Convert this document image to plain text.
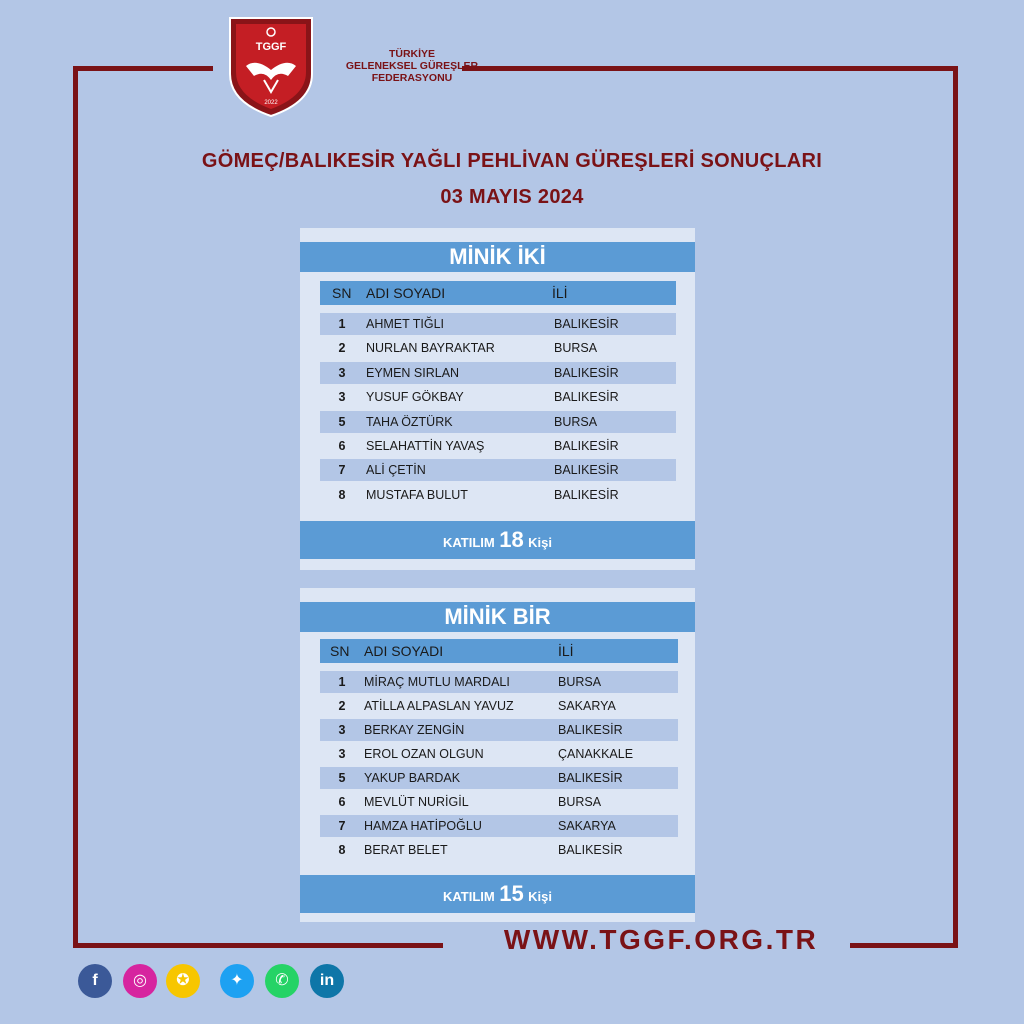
TGGF
2022
TÜRKİYE
GELENEKSEL GÜREŞLER
FEDERASYONU
GÖMEÇ/BALIKESİR YAĞLI PEHLİVAN GÜREŞLERİ SONUÇLARI
03 MAYIS 2024
MİNİK İKİ
SN ADI SOYADI	İLİ
1	AHMET TIĞLI	BALIKESİR
2	NURLAN BAYRAKTAR	BURSA
3	EYMEN SIRLAN	BALIKESİR
3	YUSUF GÖKBAY	BALIKESİR
5	TAHA ÖZTÜRK	BURSA
6	SELAHATTİN YAVAŞ	BALIKESİR
7	ALİ ÇETİN	BALIKESİR
8	MUSTAFA BULUT	BALIKESİR
KATILIM 18 Kişi
MİNİK BİR
SN ADI SOYADI	İLİ
1	MİRAÇ MUTLU MARDALI	BURSA
2	ATİLLA ALPASLAN YAVUZ	SAKARYA
3	BERKAY ZENGİN	BALIKESİR
3	EROL OZAN OLGUN	ÇANAKKALE
5	YAKUP BARDAK	BALIKESİR
6	MEVLÜT NURİGİL	BURSA
7	HAMZA HATİPOĞLU	SAKARYA
8	BERAT BELET	BALIKESİR
KATILIM 15 Kişi
WWW.TGGF.ORG.TR
f	◎	✪	✦	✆	in
